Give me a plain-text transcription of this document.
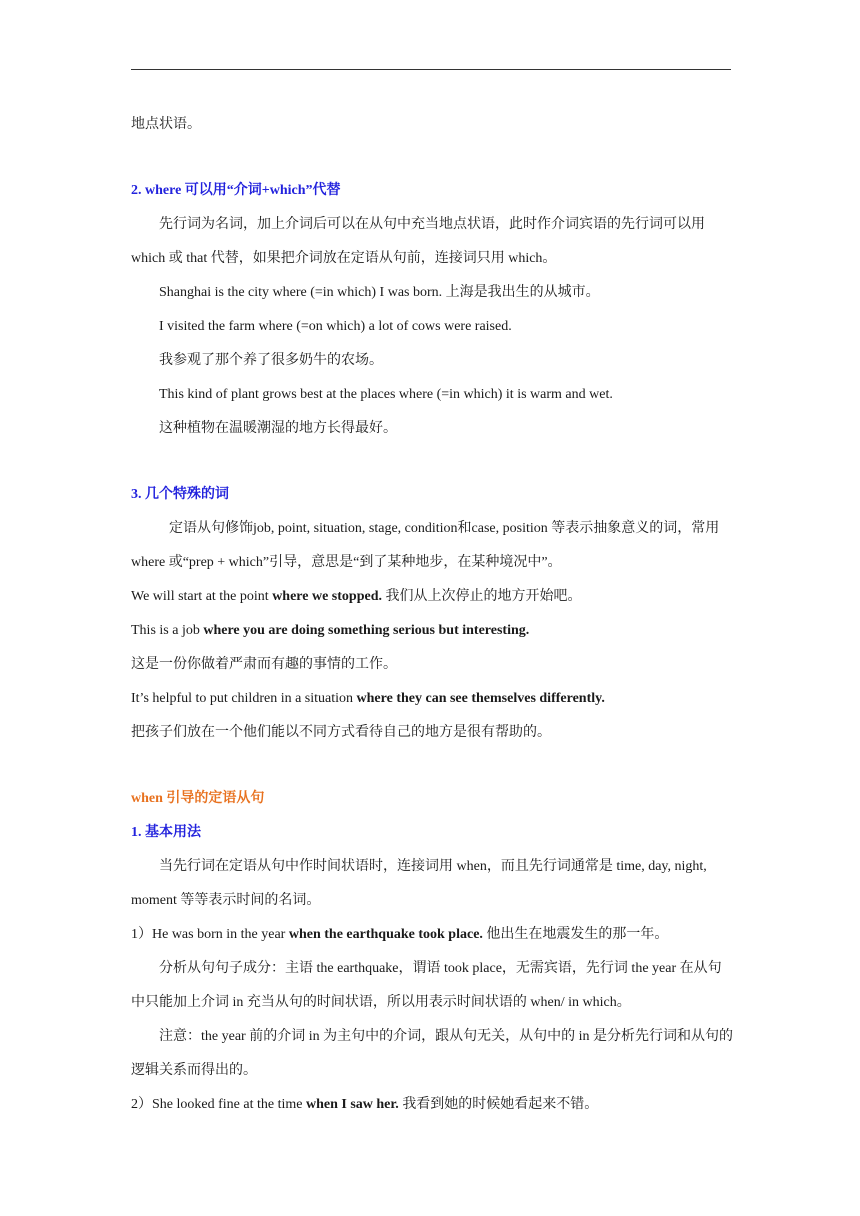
地点状语。

2. where 可以用“介词+which”代替

先行词为名词，加上介词后可以在从句中充当地点状语，此时作介词宾语的先行词可以用 which 或 that 代替，如果把介词放在定语从句前，连接词只用 which。

Shanghai is the city where (=in which) I was born. 上海是我出生的从城市。

I visited the farm where (=on which) a lot of cows were raised.

我参观了那个养了很多奶牛的农场。

This kind of plant grows best at the places where (=in which) it is warm and wet.

这种植物在温暖潮湿的地方长得最好。

3. 几个特殊的词

定语从句修饰job, point, situation, stage, condition和case, position 等表示抽象意义的词，常用 where 或“prep + which”引导，意思是“到了某种地步，在某种境况中”。

We will start at the point where we stopped. 我们从上次停止的地方开始吧。

This is a job where you are doing something serious but interesting.

这是一份你做着严肃而有趣的事情的工作。

It’s helpful to put children in a situation where they can see themselves differently.

把孩子们放在一个他们能以不同方式看待自己的地方是很有帮助的。

when 引导的定语从句

1. 基本用法

当先行词在定语从句中作时间状语时，连接词用 when，而且先行词通常是 time, day, night, moment 等等表示时间的名词。

1）He was born in the year when the earthquake took place. 他出生在地震发生的那一年。

分析从句句子成分：主语 the earthquake，谓语 took place，无需宾语，先行词 the year 在从句中只能加上介词 in 充当从句的时间状语，所以用表示时间状语的 when/ in which。

注意：the year 前的介词 in 为主句中的介词，跟从句无关，从句中的 in 是分析先行词和从句的逻辑关系而得出的。

2）She looked fine at the time when I saw her. 我看到她的时候她看起来不错。
